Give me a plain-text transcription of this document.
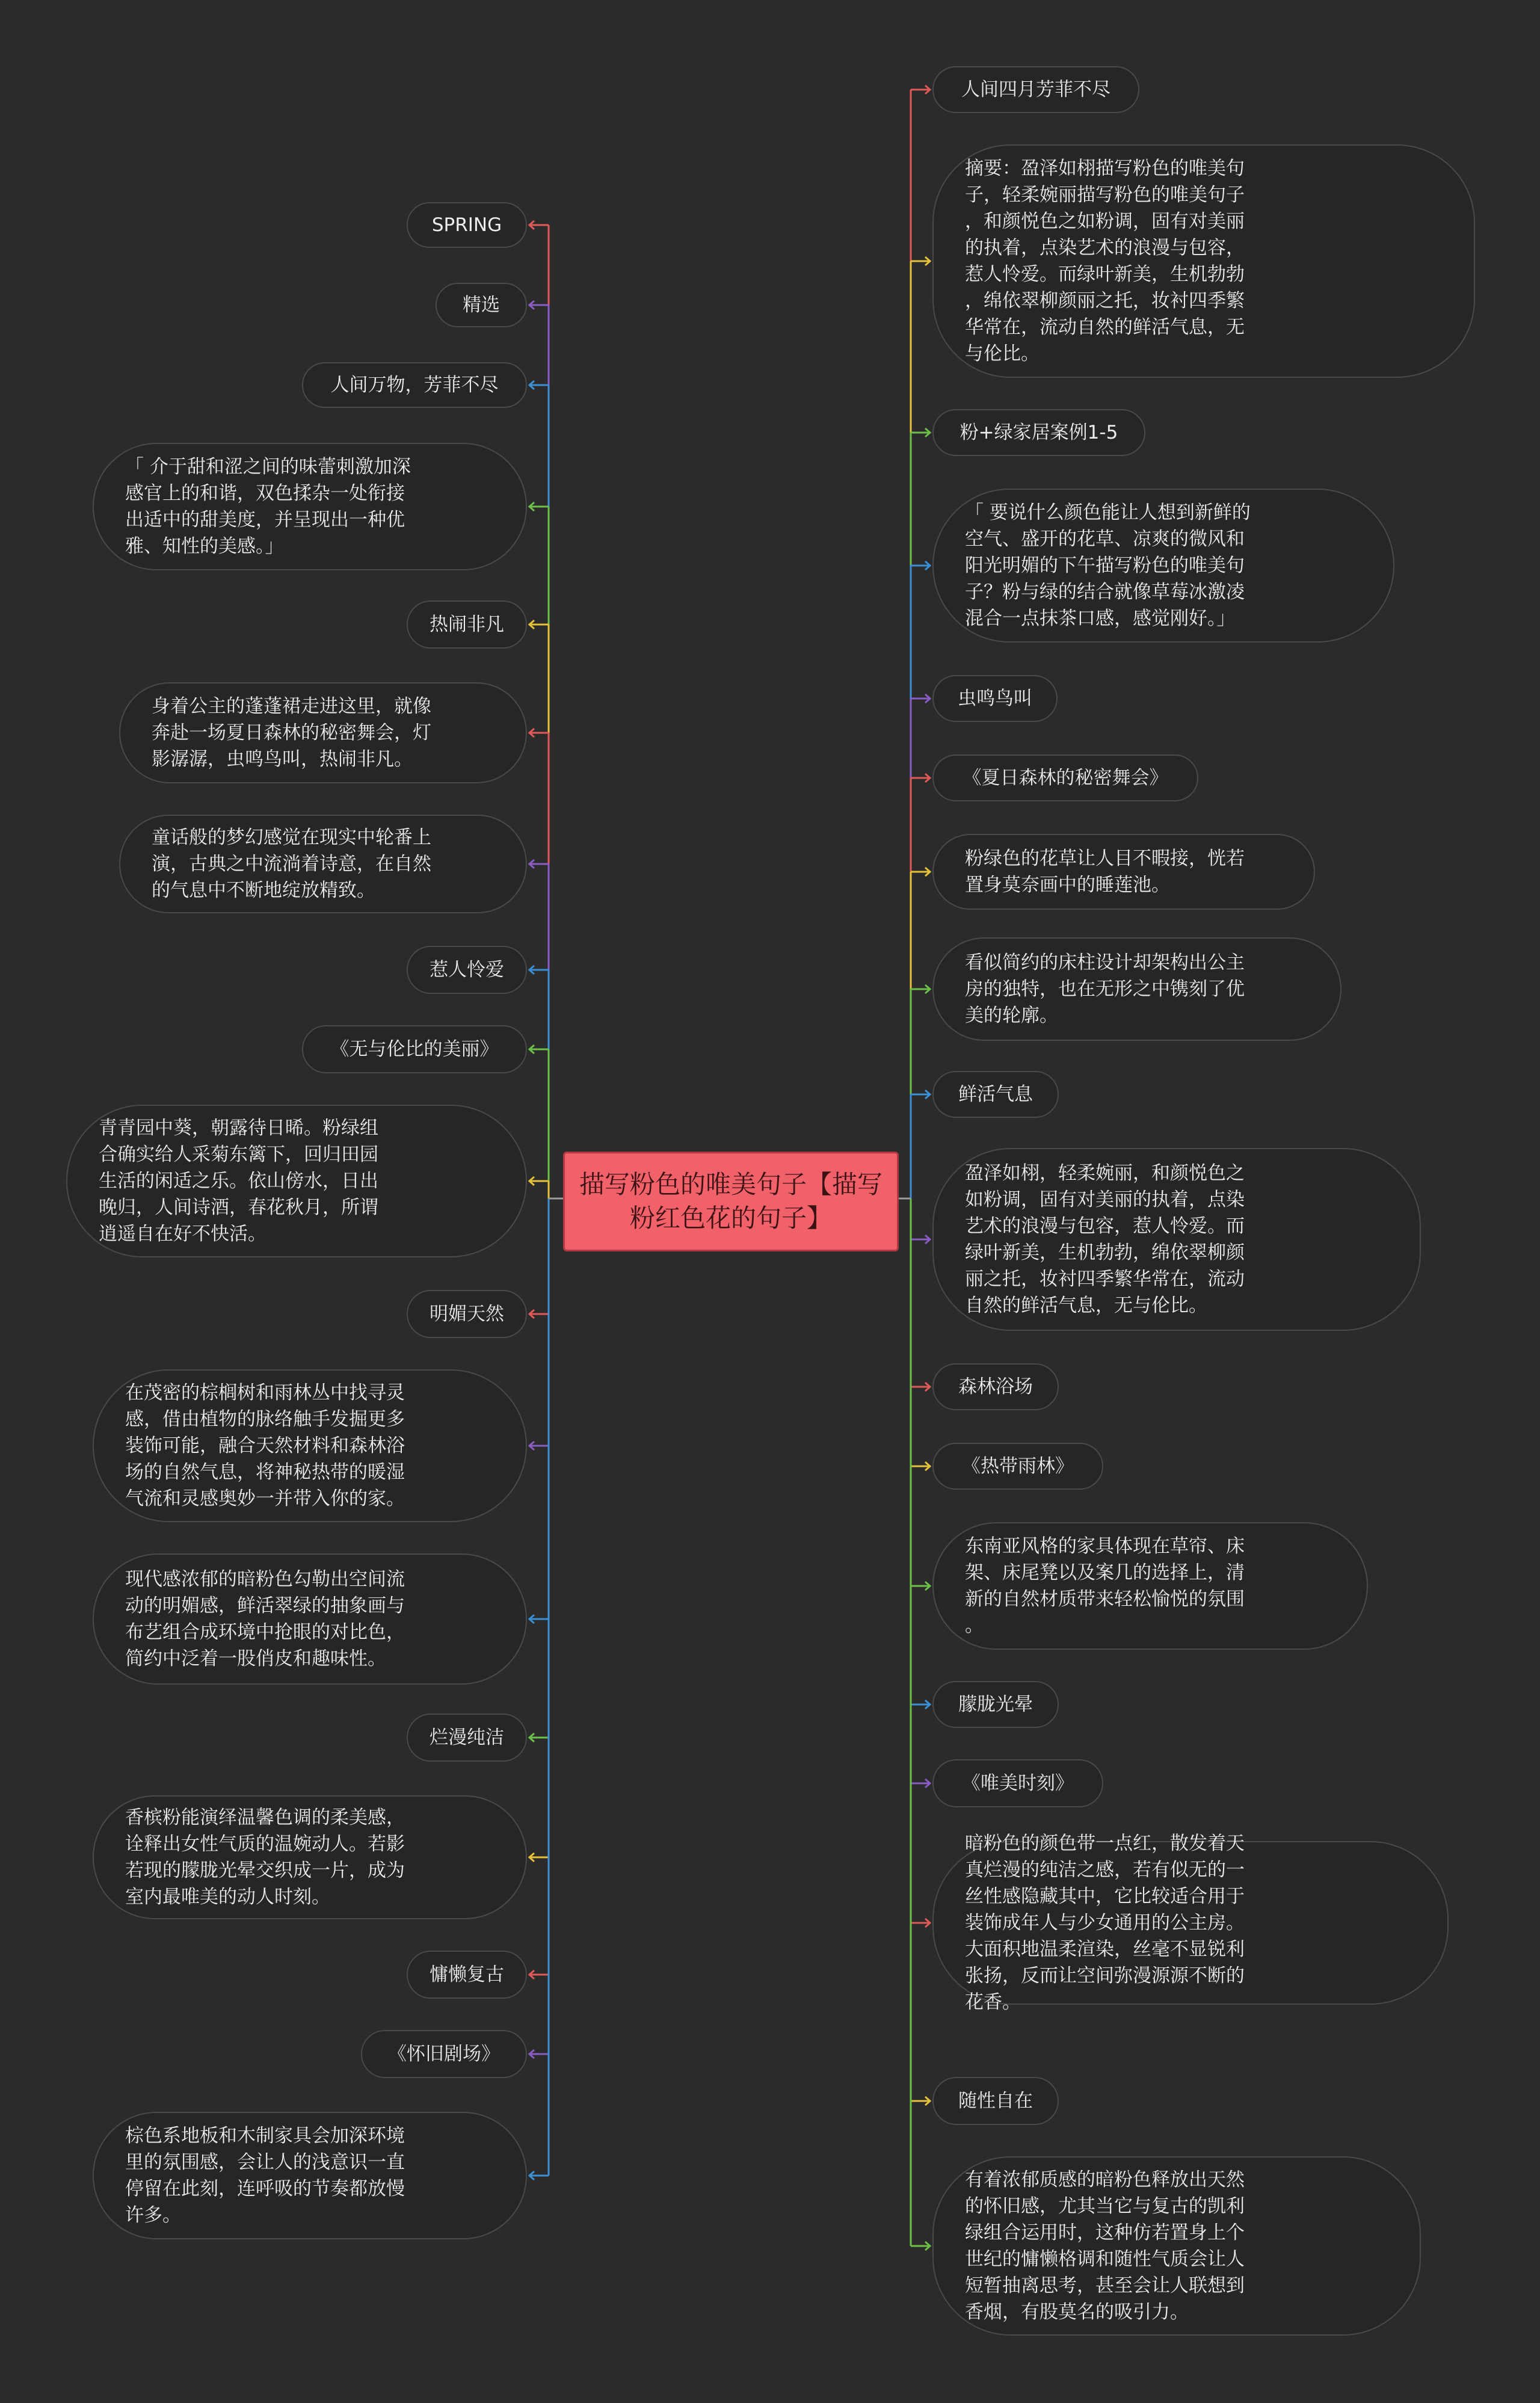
描写粉色的唯美句子【描写粉红色花的句子】
SPRING
精选
人间万物，芳菲不尽
「 介于甜和涩之间的味蕾刺激加深
感官上的和谐，双色揉杂一处衔接
出适中的甜美度，并呈现出一种优
雅、知性的美感。」
热闹非凡
身着公主的蓬蓬裙走进这里，就像
奔赴一场夏日森林的秘密舞会，灯
影潺潺，虫鸣鸟叫，热闹非凡。
童话般的梦幻感觉在现实中轮番上
演，古典之中流淌着诗意，在自然
的气息中不断地绽放精致。
惹人怜爱
《无与伦比的美丽》
青青园中葵，朝露待日晞。粉绿组
合确实给人采菊东篱下，回归田园
生活的闲适之乐。依山傍水，日出
晚归，人间诗酒，春花秋月，所谓
逍遥自在好不快活。
明媚天然
在茂密的棕榈树和雨林丛中找寻灵
感，借由植物的脉络触手发掘更多
装饰可能，融合天然材料和森林浴
场的自然气息，将神秘热带的暖湿
气流和灵感奥妙一并带入你的家。
现代感浓郁的暗粉色勾勒出空间流
动的明媚感，鲜活翠绿的抽象画与
布艺组合成环境中抢眼的对比色，
简约中泛着一股俏皮和趣味性。
烂漫纯洁
香槟粉能演绎温馨色调的柔美感，
诠释出女性气质的温婉动人。若影
若现的朦胧光晕交织成一片，成为
室内最唯美的动人时刻。
慵懒复古
《怀旧剧场》
棕色系地板和木制家具会加深环境
里的氛围感，会让人的浅意识一直
停留在此刻，连呼吸的节奏都放慢
许多。
人间四月芳菲不尽
摘要：盈泽如栩描写粉色的唯美句
子，轻柔婉丽描写粉色的唯美句子
，和颜悦色之如粉调，固有对美丽
的执着，点染艺术的浪漫与包容，
惹人怜爱。而绿叶新美，生机勃勃
，绵依翠柳颜丽之托，妆衬四季繁
华常在，流动自然的鲜活气息，无
与伦比。
粉+绿家居案例1-5
「 要说什么颜色能让人想到新鲜的
空气、盛开的花草、凉爽的微风和
阳光明媚的下午描写粉色的唯美句
子？粉与绿的结合就像草莓冰激凌
混合一点抹茶口感，感觉刚好。」
虫鸣鸟叫
《夏日森林的秘密舞会》
粉绿色的花草让人目不暇接，恍若
置身莫奈画中的睡莲池。
看似简约的床柱设计却架构出公主
房的独特，也在无形之中镌刻了优
美的轮廓。
鲜活气息
盈泽如栩，轻柔婉丽，和颜悦色之
如粉调，固有对美丽的执着，点染
艺术的浪漫与包容，惹人怜爱。而
绿叶新美，生机勃勃，绵依翠柳颜
丽之托，妆衬四季繁华常在，流动
自然的鲜活气息，无与伦比。
森林浴场
《热带雨林》
东南亚风格的家具体现在草帘、床
架、床尾凳以及案几的选择上，清
新的自然材质带来轻松愉悦的氛围
。
朦胧光晕
《唯美时刻》
暗粉色的颜色带一点红，散发着天
真烂漫的纯洁之感，若有似无的一
丝性感隐藏其中，它比较适合用于
装饰成年人与少女通用的公主房。
大面积地温柔渲染，丝毫不显锐利
张扬，反而让空间弥漫源源不断的
花香。
随性自在
有着浓郁质感的暗粉色释放出天然
的怀旧感，尤其当它与复古的凯利
绿组合运用时，这种仿若置身上个
世纪的慵懒格调和随性气质会让人
短暂抽离思考，甚至会让人联想到
香烟，有股莫名的吸引力。
